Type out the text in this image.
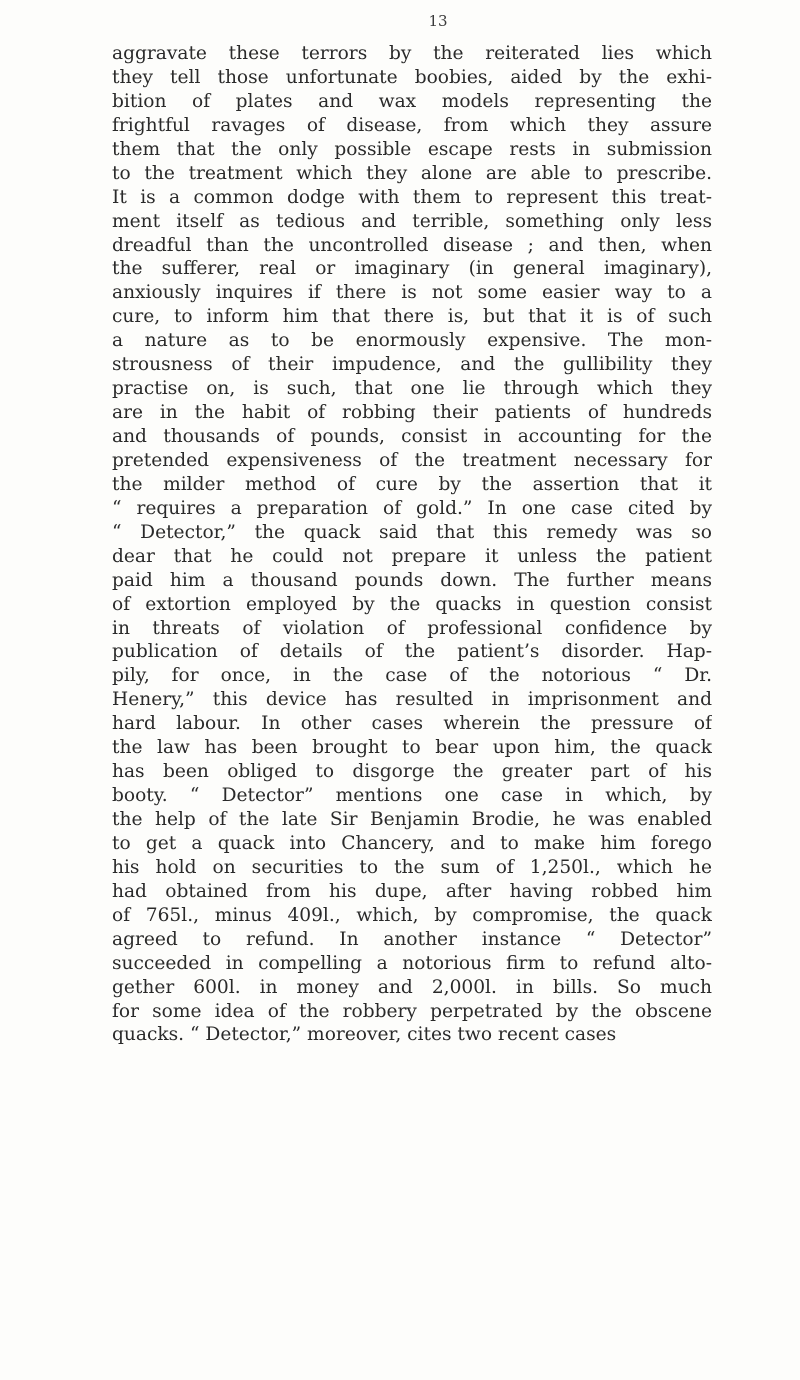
13
aggravate these terrors by the reiterated lies which
they tell those unfortunate boobies, aided by the exhi-
bition of plates and wax models representing the
frightful ravages of disease, from which they assure
them that the only possible escape rests in submission
to the treatment which they alone are able to prescribe.
It is a common dodge with them to represent this treat-
ment itself as tedious and terrible, something only less
dreadful than the uncontrolled disease ; and then, when
the sufferer, real or imaginary (in general imaginary),
anxiously inquires if there is not some easier way to a
cure, to inform him that there is, but that it is of such
a nature as to be enormously expensive. The mon-
strousness of their impudence, and the gullibility they
practise on, is such, that one lie through which they
are in the habit of robbing their patients of hundreds
and thousands of pounds, consist in accounting for the
pretended expensiveness of the treatment necessary for
the milder method of cure by the assertion that it
“ requires a preparation of gold.” In one case cited by
“ Detector,” the quack said that this remedy was so
dear that he could not prepare it unless the patient
paid him a thousand pounds down. The further means
of extortion employed by the quacks in question consist
in threats of violation of professional confidence by
publication of details of the patient’s disorder. Hap-
pily, for once, in the case of the notorious “ Dr.
Henery,” this device has resulted in imprisonment and
hard labour. In other cases wherein the pressure of
the law has been brought to bear upon him, the quack
has been obliged to disgorge the greater part of his
booty. “ Detector” mentions one case in which, by
the help of the late Sir Benjamin Brodie, he was enabled
to get a quack into Chancery, and to make him forego
his hold on securities to the sum of 1,250l., which he
had obtained from his dupe, after having robbed him
of 765l., minus 409l., which, by compromise, the quack
agreed to refund. In another instance “ Detector”
succeeded in compelling a notorious firm to refund alto-
gether 600l. in money and 2,000l. in bills. So much
for some idea of the robbery perpetrated by the obscene
quacks. “ Detector,” moreover, cites two recent cases
